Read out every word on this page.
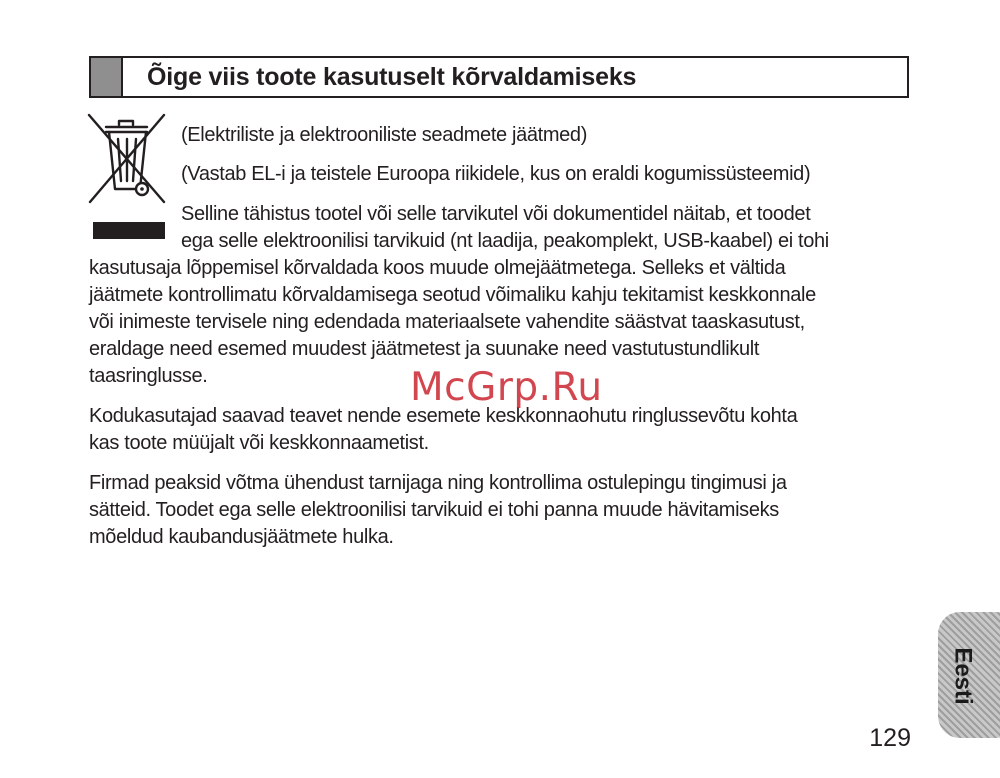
Õige viis toote kasutuselt kõrvaldamiseks
(Elektriliste ja elektrooniliste seadmete jäätmed)
(Vastab EL-i ja teistele Euroopa riikidele, kus on eraldi kogumissüsteemid)
Selline tähistus tootel või selle tarvikutel või dokumentidel näitab, et toodet
ega selle elektroonilisi tarvikuid (nt laadija, peakomplekt, USB-kaabel) ei tohi
kasutusaja lõppemisel kõrvaldada koos muude olmejäätmetega. Selleks et vältida
jäätmete kontrollimatu kõrvaldamisega seotud võimaliku kahju tekitamist keskkonnale
või inimeste tervisele ning edendada materiaalsete vahendite säästvat taaskasutust,
eraldage need esemed muudest jäätmetest ja suunake need vastutustundlikult
taasringlusse.
Kodukasutajad saavad teavet nende esemete keskkonnaohutu ringlussevõtu kohta
kas toote müüjalt või keskkonnaametist.
Firmad peaksid võtma ühendust tarnijaga ning kontrollima ostulepingu tingimusi ja
sätteid. Toodet ega selle elektroonilisi tarvikuid ei tohi panna muude hävitamiseks
mõeldud kaubandusjäätmete hulka.
McGrp.Ru
Eesti
129
